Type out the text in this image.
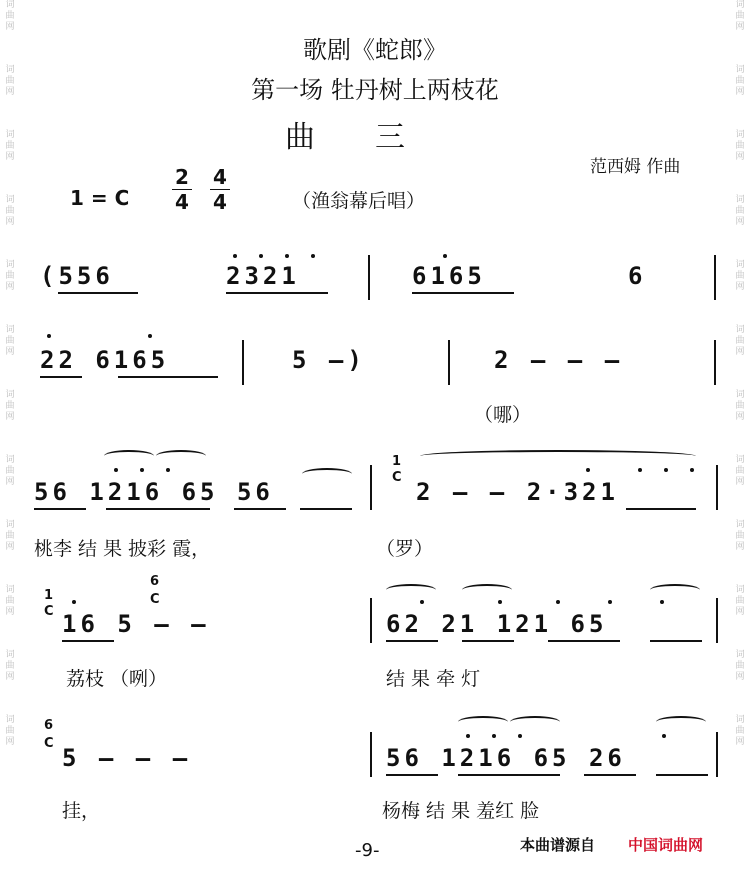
词
曲
网
词
曲
网
词
曲
网
词
曲
网
词
曲
网
词
曲
网
词
曲
网
词
曲
网
词
曲
网
词
曲
网
词
曲
网
词
曲
网
词
曲
网
词
曲
网
词
曲
网
词
曲
网
词
曲
网
词
曲
网
词
曲
网
词
曲
网
词
曲
网
词
曲
网
词
曲
网
词
曲
网
歌剧《蛇郎》
第一场 牡丹树上两枝花
曲三
范西姆 作曲
1 = C
2
4
4
4	（渔翁幕后唱）
(556	2321	6165	6
22 6165	5 —)	2 — — —
（哪）
56 1216 65 56
1
C
2 — — 2·321
桃李 结 果 披彩 霞，	（罗）
1
C
6
C
16 5 — —	62 21 121 65
荔枝 （咧）	结 果 牵 灯
6
C
5 — — —	56 1216 65 26
挂，	杨梅 结 果 羞红 脸
-9-	本曲谱源自 中国词曲网
